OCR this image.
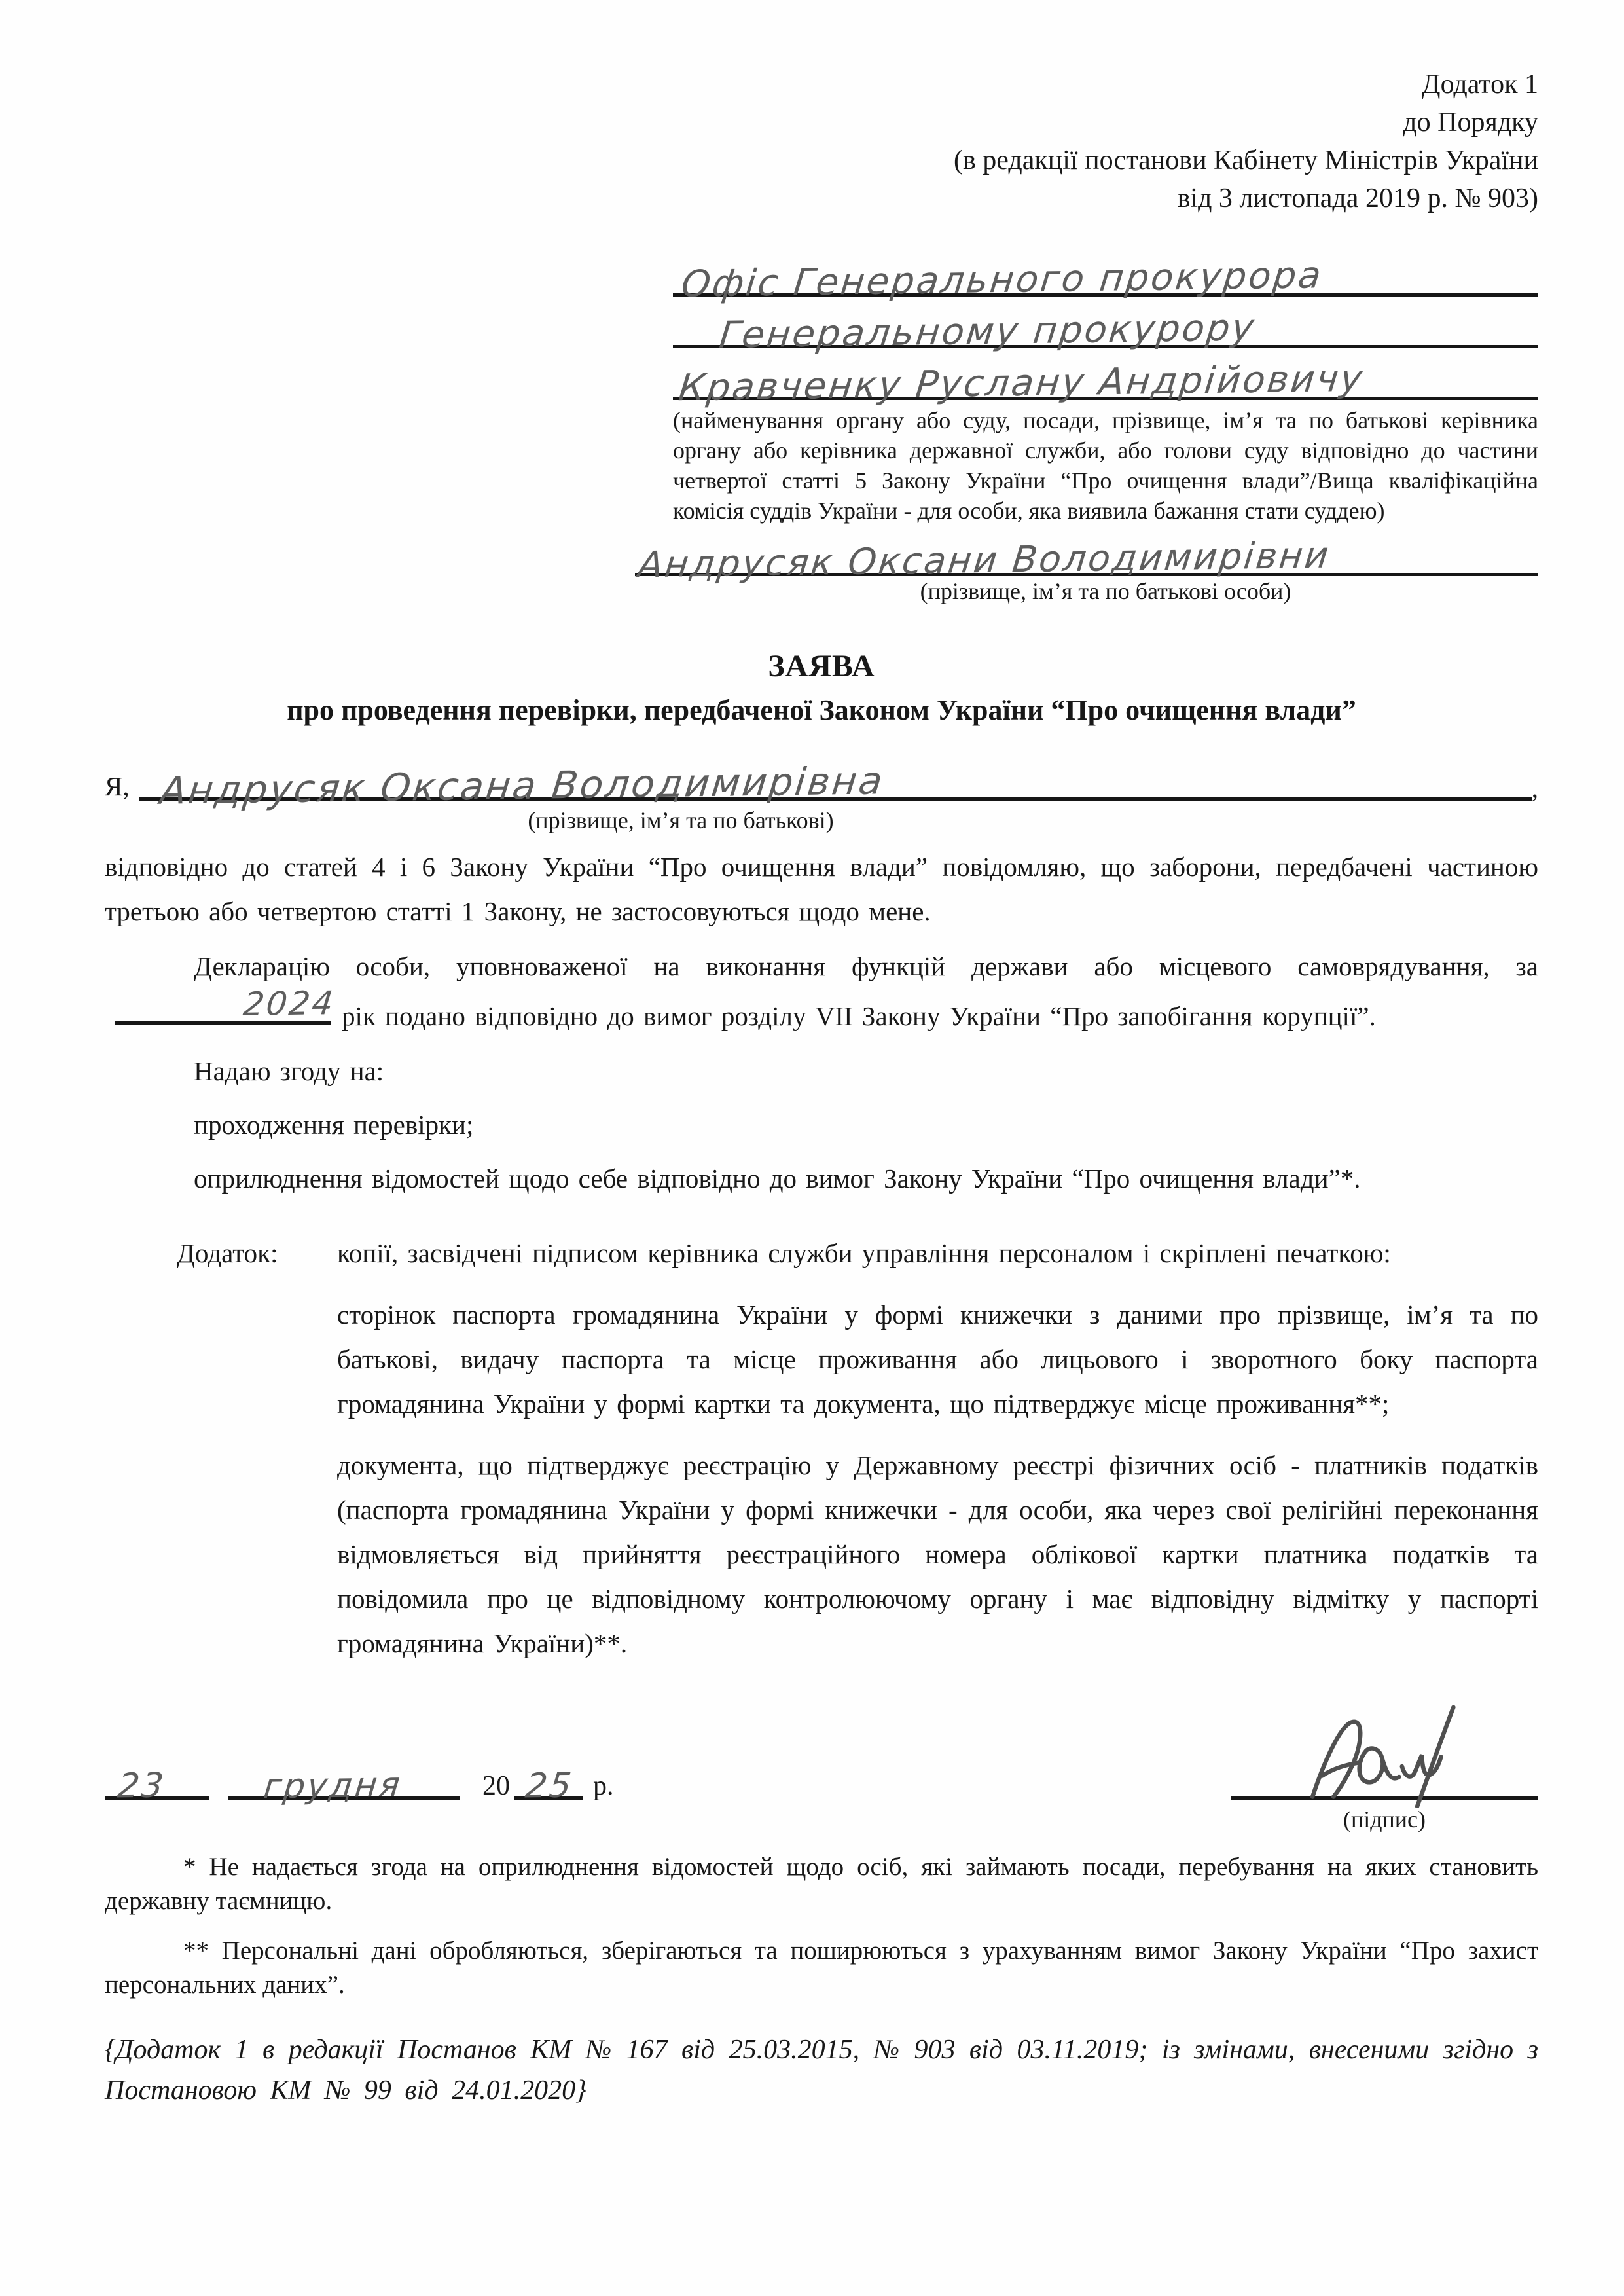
Додаток 1
до Порядку
(в редакції постанови Кабінету Міністрів України
від 3 листопада 2019 р. № 903)
Офіс Генерального прокурора
Генеральному прокурору
Кравченку Руслану Андрійовичу
(найменування органу або суду, посади, прізвище, ім’я та по батькові керівника органу або керівника державної служби, або голови суду відповідно до частини четвертої статті 5 Закону України “Про очищення влади”/Вища кваліфікаційна комісія суддів України - для особи, яка виявила бажання стати суддею)
Андрусяк Оксани Володимирівни
(прізвище, ім’я та по батькові особи)
ЗАЯВА
про проведення перевірки, передбаченої Законом України “Про очищення влади”
Я, Андрусяк Оксана Володимирівна	,
(прізвище, ім’я та по батькові)

відповідно до статей 4 і 6 Закону України “Про очищення влади” повідомляю, що заборони, передбачені частиною третьою або четвертою статті 1 Закону, не застосовуються щодо мене.

Декларацію особи, уповноваженої на виконання функцій держави або місцевого самоврядування, за
2024 рік подано відповідно до вимог розділу VII Закону України “Про запобігання корупції”.

Надаю згоду на:

проходження перевірки;

оприлюднення відомостей щодо себе відповідно до вимог Закону України “Про очищення влади”*.

Додаток:	копії, засвідчені підписом керівника служби управління персоналом і скріплені печаткою:

сторінок паспорта громадянина України у формі книжечки з даними про прізвище, ім’я та по батькові, видачу паспорта та місце проживання або лицьового і зворотного боку паспорта громадянина України у формі картки та документа, що підтверджує місце проживання**;

документа, що підтверджує реєстрацію у Державному реєстрі фізичних осіб - платників податків (паспорта громадянина України у формі книжечки - для особи, яка через свої релігійні переконання відмовляється від прийняття реєстраційного номера облікової картки платника податків та повідомила про це відповідному контролюючому органу і має відповідну відмітку у паспорті громадянина України)**.

23	грудня	20 25 р.
(підпис)

* Не надається згода на оприлюднення відомостей щодо осіб, які займають посади, перебування на яких становить державну таємницю.

** Персональні дані обробляються, зберігаються та поширюються з урахуванням вимог Закону України “Про захист персональних даних”.

{Додаток 1 в редакції Постанов КМ № 167 від 25.03.2015, № 903 від 03.11.2019; із змінами, внесеними згідно з Постановою КМ № 99 від 24.01.2020}
